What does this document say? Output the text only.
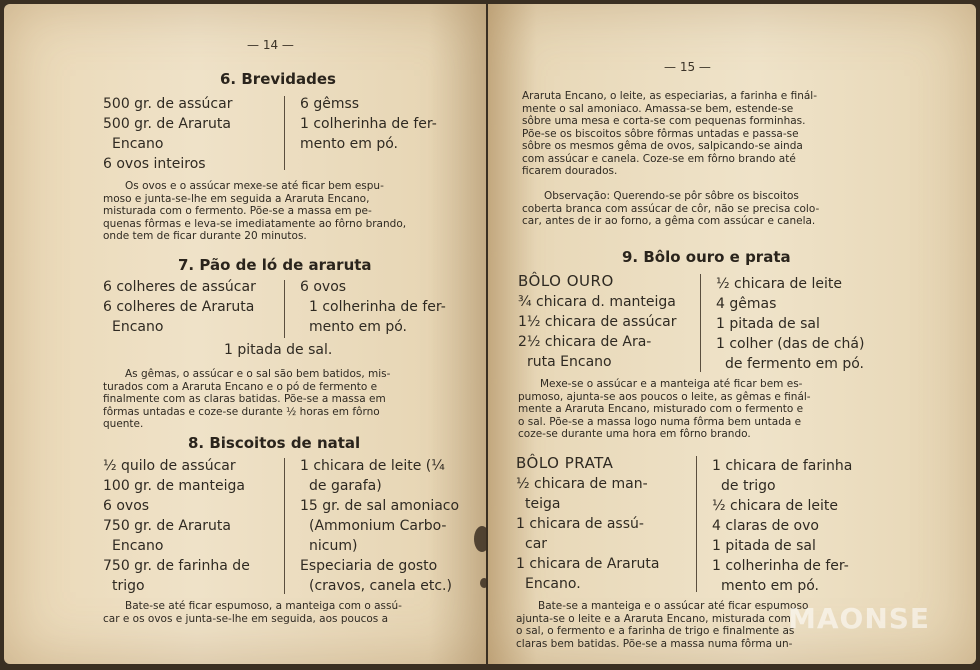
— 14 —
6. Brevidades
500 gr. de assúcar
500 gr. de Araruta
Encano
6 ovos inteiros
6 gêmss
1 colherinha de fer-
mento em pó.
Os ovos e o assúcar mexe-se até ficar bem espu-
moso e junta-se-lhe em seguida a Araruta Encano,
misturada com o fermento. Põe-se a massa em pe-
quenas fôrmas e leva-se imediatamente ao fôrno brando,
onde tem de ficar durante 20 minutos.
7. Pão de ló de araruta
6 colheres de assúcar
6 colheres de Araruta
Encano
6 ovos
1 colherinha de fer-
mento em pó.
1 pitada de sal.
As gêmas, o assúcar e o sal são bem batidos, mis-
turados com a Araruta Encano e o pó de fermento e
finalmente com as claras batidas. Põe-se a massa em
fôrmas untadas e coze-se durante ½ horas em fôrno
quente.
8. Biscoitos de natal
½ quilo de assúcar
100 gr. de manteiga
6 ovos
750 gr. de Araruta
Encano
750 gr. de farinha de
trigo
1 chicara de leite (¼
de garafa)
15 gr. de sal amoniaco
(Ammonium Carbo-
nicum)
Especiaria de gosto
(cravos, canela etc.)
Bate-se até ficar espumoso, a manteiga com o assú-
car e os ovos e junta-se-lhe em seguida, aos poucos a
— 15 —
Araruta Encano, o leite, as especiarias, a farinha e finál-
mente o sal amoniaco. Amassa-se bem, estende-se
sôbre uma mesa e corta-se com pequenas forminhas.
Põe-se os biscoitos sôbre fôrmas untadas e passa-se
sôbre os mesmos gêma de ovos, salpicando-se ainda
com assúcar e canela. Coze-se em fôrno brando até
ficarem dourados.
Observação: Querendo-se pôr sôbre os biscoitos
coberta branca com assúcar de côr, não se precisa colo-
car, antes de ir ao forno, a gêma com assúcar e canela.
9. Bôlo ouro e prata
BÔLO OURO
¾ chicara d. manteiga
1½ chicara de assúcar
2½ chicara de Ara-
ruta Encano
½ chicara de leite
4 gêmas
1 pitada de sal
1 colher (das de chá)
de fermento em pó.
Mexe-se o assúcar e a manteiga até ficar bem es-
pumoso, ajunta-se aos poucos o leite, as gêmas e finál-
mente a Araruta Encano, misturado com o fermento e
o sal. Põe-se a massa logo numa fôrma bem untada e
coze-se durante uma hora em fôrno brando.
BÔLO PRATA
½ chicara de man-
teiga
1 chicara de assú-
car
1 chicara de Araruta
Encano.
1 chicara de farinha
de trigo
½ chicara de leite
4 claras de ovo
1 pitada de sal
1 colherinha de fer-
mento em pó.
Bate-se a manteiga e o assúcar até ficar espumoso
ajunta-se o leite e a Araruta Encano, misturada com
o sal, o fermento e a farinha de trigo e finalmente as
claras bem batidas. Põe-se a massa numa fôrma un-
MAONSE
